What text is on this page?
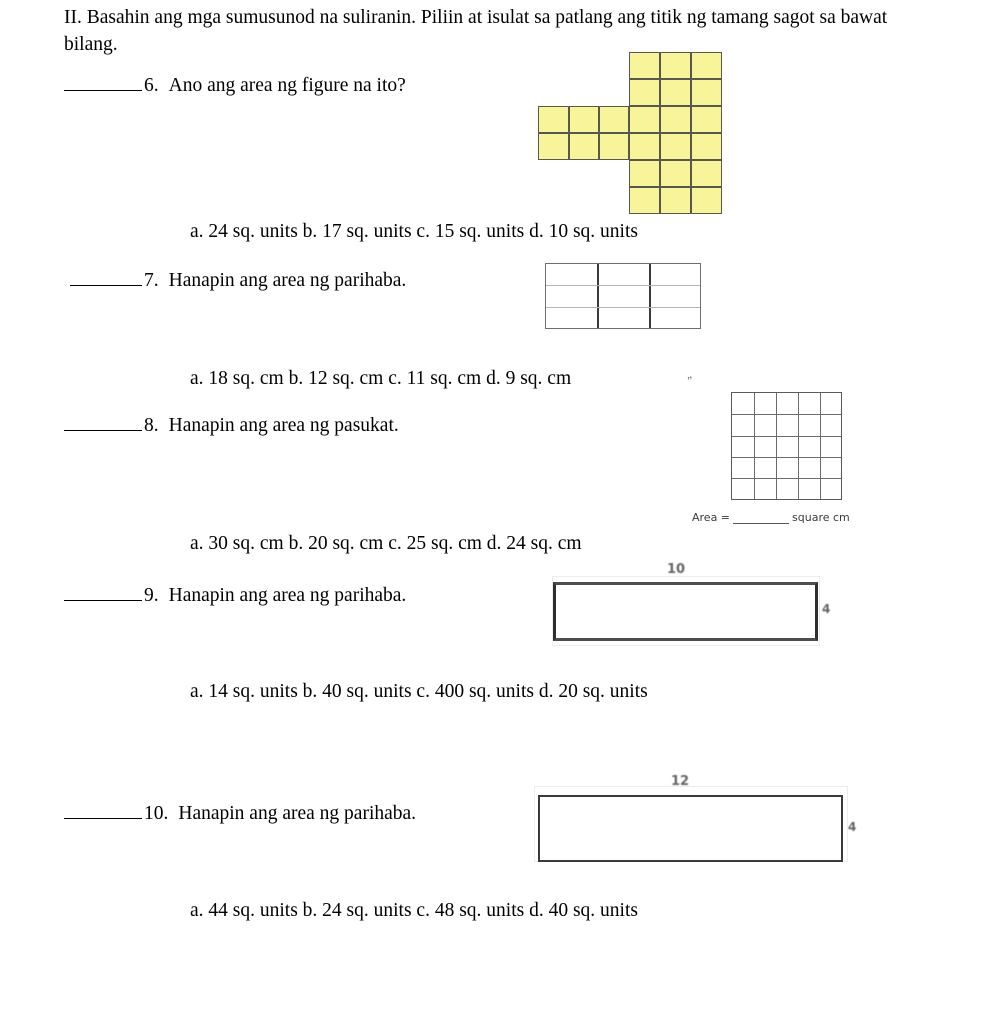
II. Basahin ang mga sumusunod na suliranin. Piliin at isulat sa patlang ang titik ng tamang sagot sa bawat bilang.
6. Ano ang area ng figure na ito?
a. 24 sq. units b. 17 sq. units c. 15 sq. units d. 10 sq. units
7. Hanapin ang area ng parihaba.
a. 18 sq. cm b. 12 sq. cm c. 11 sq. cm d. 9 sq. cm	”
8. Hanapin ang area ng pasukat.
Area =	square cm
a. 30 sq. cm b. 20 sq. cm c. 25 sq. cm d. 24 sq. cm
9. Hanapin ang area ng parihaba.
10
4
a. 14 sq. units b. 40 sq. units c. 400 sq. units d. 20 sq. units
10. Hanapin ang area ng parihaba.
12
4
a. 44 sq. units b. 24 sq. units c. 48 sq. units d. 40 sq. units
